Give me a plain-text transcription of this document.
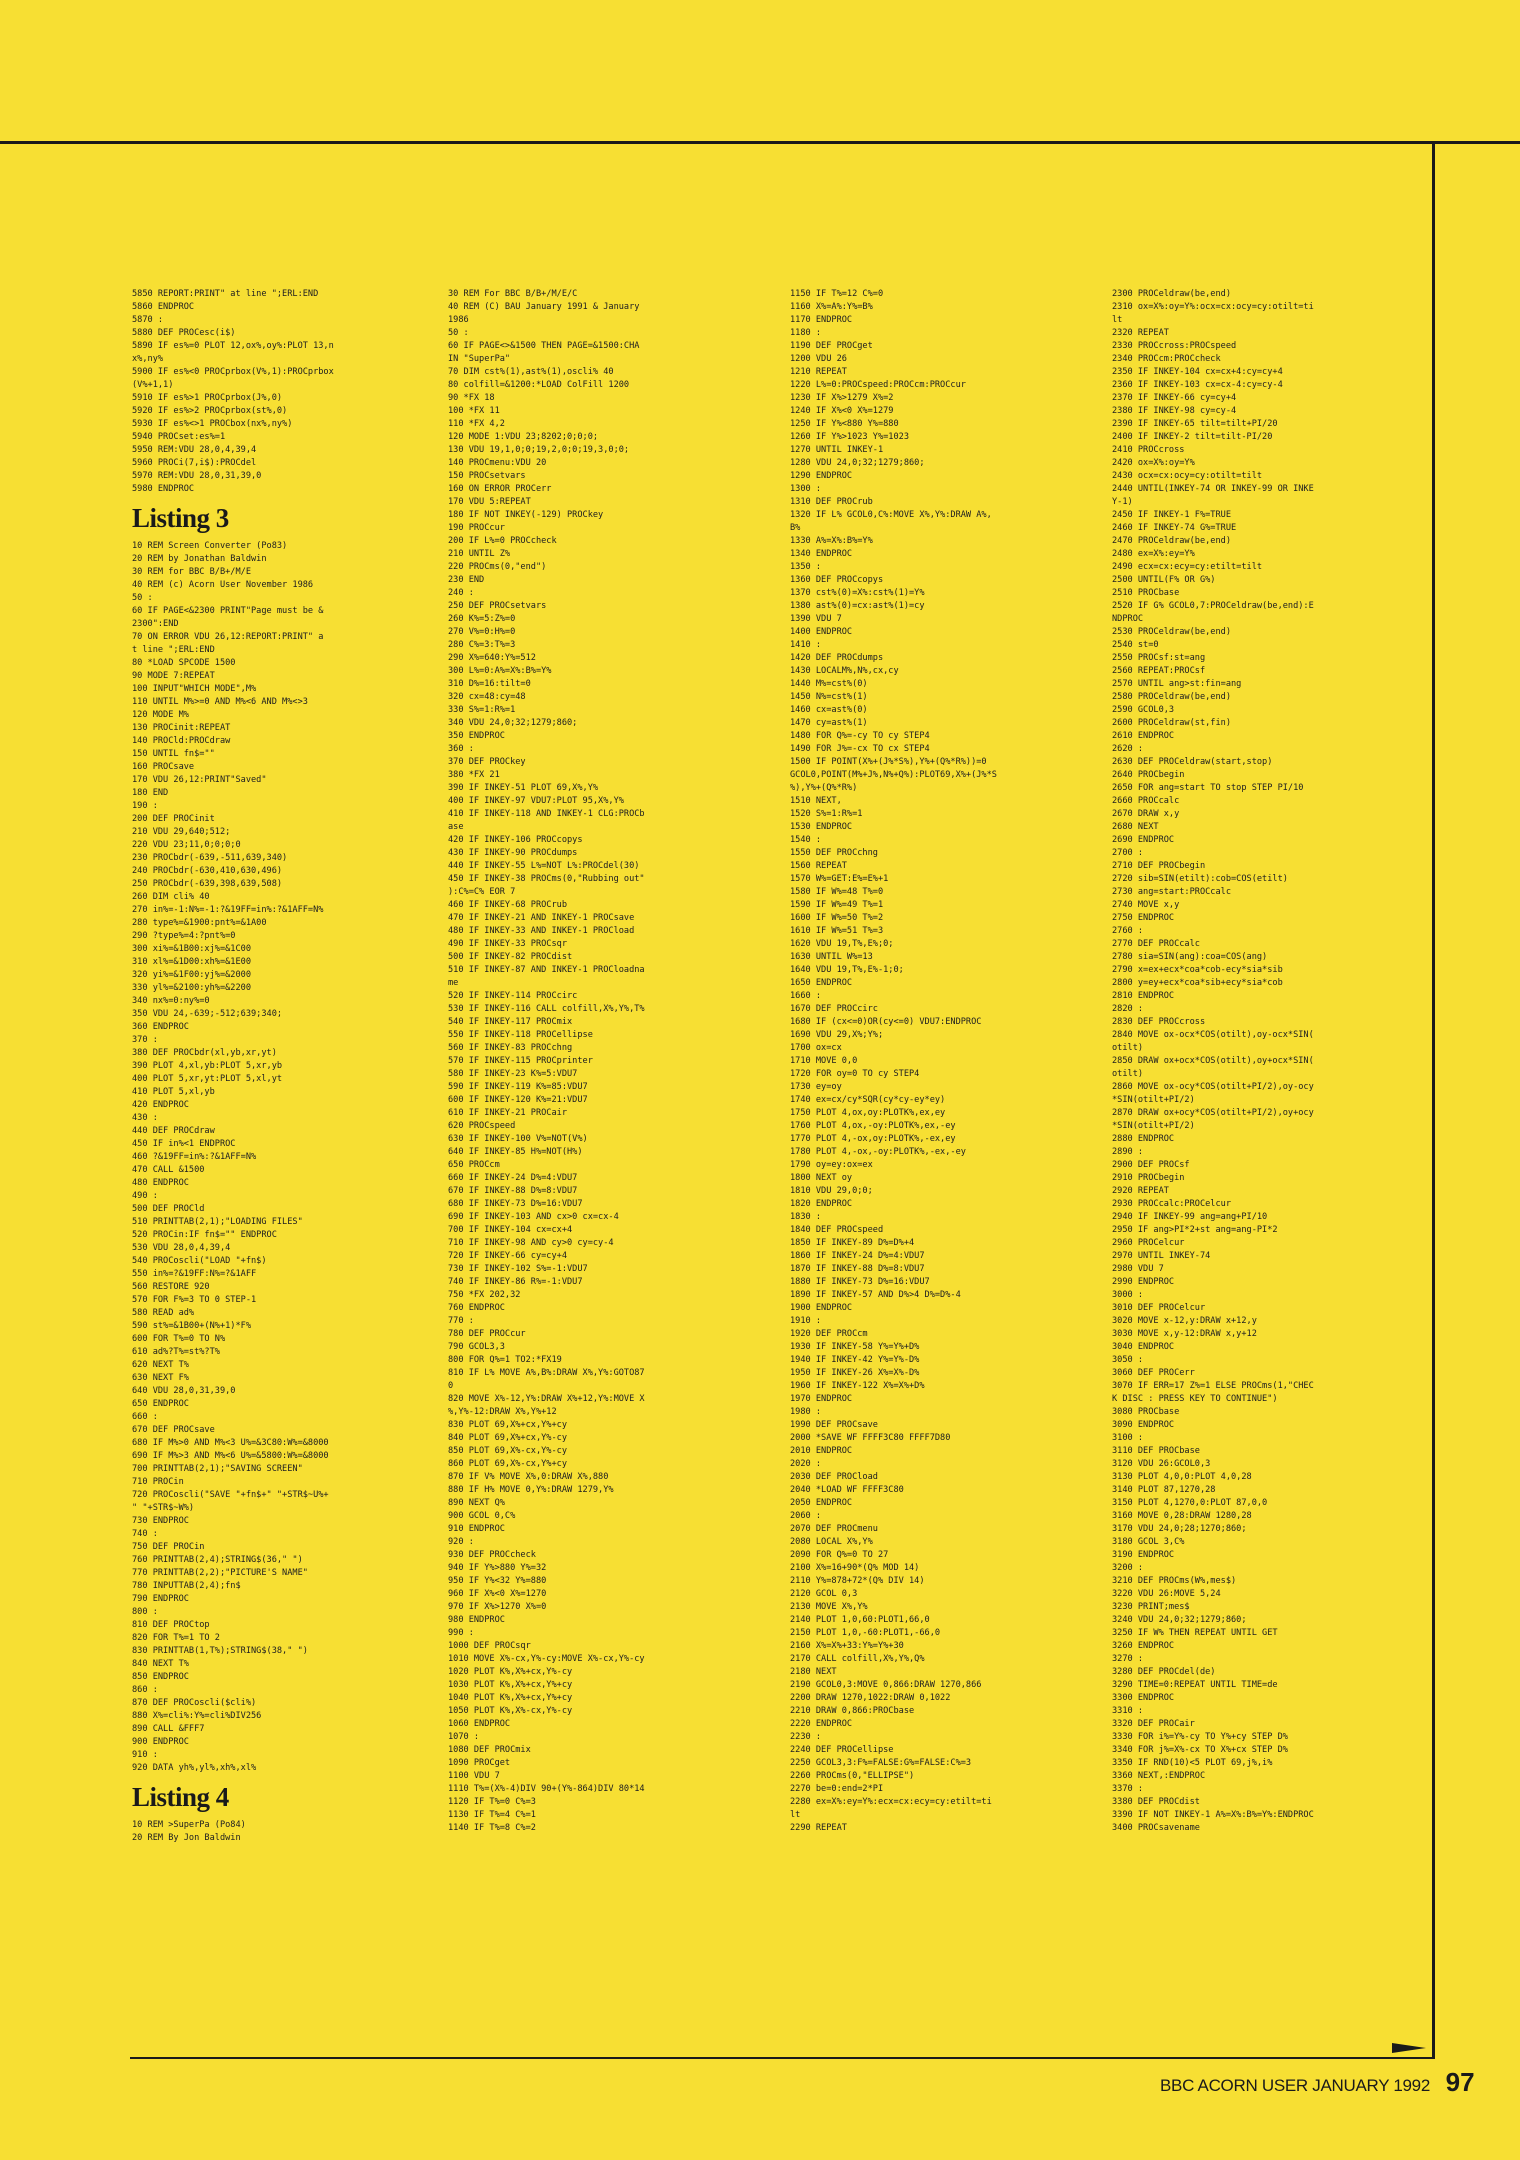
5850 REPORT:PRINT" at line ";ERL:END
5860 ENDPROC
5870 :
5880 DEF PROCesc(i$)
5890 IF es%=0 PLOT 12,ox%,oy%:PLOT 13,n
x%,ny%
5900 IF es%<0 PROCprbox(V%,1):PROCprbox
(V%+1,1)
5910 IF es%>1 PROCprbox(J%,0)
5920 IF es%>2 PROCprbox(st%,0)
5930 IF es%<>1 PROCbox(nx%,ny%)
5940 PROCset:es%=1
5950 REM:VDU 28,0,4,39,4
5960 PROCi(7,i$):PROCdel
5970 REM:VDU 28,0,31,39,0
5980 ENDPROC
Listing 3
10 REM Screen Converter (Po83)
20 REM by Jonathan Baldwin
30 REM for BBC B/B+/M/E
40 REM (c) Acorn User November 1986
50 :
60 IF PAGE<&2300 PRINT"Page must be &
2300":END
70 ON ERROR VDU 26,12:REPORT:PRINT" a
t line ";ERL:END
80 *LOAD SPCODE 1500
90 MODE 7:REPEAT
100 INPUT"WHICH MODE",M%
110 UNTIL M%>=0 AND M%<6 AND M%<>3
120 MODE M%
130 PROCinit:REPEAT
140 PROCld:PROCdraw
150 UNTIL fn$=""
160 PROCsave
170 VDU 26,12:PRINT"Saved"
180 END
190 :
200 DEF PROCinit
210 VDU 29,640;512;
220 VDU 23;11,0;0;0;0
230 PROCbdr(-639,-511,639,340)
240 PROCbdr(-630,410,630,496)
250 PROCbdr(-639,398,639,508)
260 DIM cli% 40
270 in%=-1:N%=-1:?&19FF=in%:?&1AFF=N%
280 type%=&1900:pnt%=&1A00
290 ?type%=4:?pnt%=0
300 xi%=&1B00:xj%=&1C00
310 xl%=&1D00:xh%=&1E00
320 yi%=&1F00:yj%=&2000
330 yl%=&2100:yh%=&2200
340 nx%=0:ny%=0
350 VDU 24,-639;-512;639;340;
360 ENDPROC
370 :
380 DEF PROCbdr(xl,yb,xr,yt)
390 PLOT 4,xl,yb:PLOT 5,xr,yb
400 PLOT 5,xr,yt:PLOT 5,xl,yt
410 PLOT 5,xl,yb
420 ENDPROC
430 :
440 DEF PROCdraw
450 IF in%<1 ENDPROC
460 ?&19FF=in%:?&1AFF=N%
470 CALL &1500
480 ENDPROC
490 :
500 DEF PROCld
510 PRINTTAB(2,1);"LOADING FILES"
520 PROCin:IF fn$="" ENDPROC
530 VDU 28,0,4,39,4
540 PROCoscli("LOAD "+fn$)
550 in%=?&19FF:N%=?&1AFF
560 RESTORE 920
570 FOR F%=3 TO 0 STEP-1
580 READ ad%
590 st%=&1B00+(N%+1)*F%
600 FOR T%=0 TO N%
610 ad%?T%=st%?T%
620 NEXT T%
630 NEXT F%
640 VDU 28,0,31,39,0
650 ENDPROC
660 :
670 DEF PROCsave
680 IF M%>0 AND M%<3 U%=&3C80:W%=&8000
690 IF M%>3 AND M%<6 U%=&5800:W%=&8000
700 PRINTTAB(2,1);"SAVING SCREEN"
710 PROCin
720 PROCoscli("SAVE "+fn$+" "+STR$~U%+
" "+STR$~W%)
730 ENDPROC
740 :
750 DEF PROCin
760 PRINTTAB(2,4);STRING$(36," ")
770 PRINTTAB(2,2);"PICTURE'S NAME"
780 INPUTTAB(2,4);fn$
790 ENDPROC
800 :
810 DEF PROCtop
820 FOR T%=1 TO 2
830 PRINTTAB(1,T%);STRING$(38," ")
840 NEXT T%
850 ENDPROC
860 :
870 DEF PROCoscli($cli%)
880 X%=cli%:Y%=cli%DIV256
890 CALL &FFF7
900 ENDPROC
910 :
920 DATA yh%,yl%,xh%,xl%
Listing 4
10 REM >SuperPa (Po84)
20 REM By Jon Baldwin
30 REM For BBC B/B+/M/E/C
40 REM (C) BAU January 1991 & January
1986
50 :
60 IF PAGE<>&1500 THEN PAGE=&1500:CHA
IN "SuperPa"
70 DIM cst%(1),ast%(1),oscli% 40
80 colfill=&1200:*LOAD ColFill 1200
90 *FX 18
100 *FX 11
110 *FX 4,2
120 MODE 1:VDU 23;8202;0;0;0;
130 VDU 19,1,0;0;19,2,0;0;19,3,0;0;
140 PROCmenu:VDU 20
150 PROCsetvars
160 ON ERROR PROCerr
170 VDU 5:REPEAT
180 IF NOT INKEY(-129) PROCkey
190 PROCcur
200 IF L%=0 PROCcheck
210 UNTIL Z%
220 PROCms(0,"end")
230 END
240 :
250 DEF PROCsetvars
260 K%=5:Z%=0
270 V%=0:H%=0
280 C%=3:T%=3
290 X%=640:Y%=512
300 L%=0:A%=X%:B%=Y%
310 D%=16:tilt=0
320 cx=48:cy=48
330 S%=1:R%=1
340 VDU 24,0;32;1279;860;
350 ENDPROC
360 :
370 DEF PROCkey
380 *FX 21
390 IF INKEY-51 PLOT 69,X%,Y%
400 IF INKEY-97 VDU7:PLOT 95,X%,Y%
410 IF INKEY-118 AND INKEY-1 CLG:PROCb
ase
420 IF INKEY-106 PROCcopys
430 IF INKEY-90 PROCdumps
440 IF INKEY-55 L%=NOT L%:PROCdel(30)
450 IF INKEY-38 PROCms(0,"Rubbing out"
):C%=C% EOR 7
460 IF INKEY-68 PROCrub
470 IF INKEY-21 AND INKEY-1 PROCsave
480 IF INKEY-33 AND INKEY-1 PROCload
490 IF INKEY-33 PROCsqr
500 IF INKEY-82 PROCdist
510 IF INKEY-87 AND INKEY-1 PROCloadna
me
520 IF INKEY-114 PROCcirc
530 IF INKEY-116 CALL colfill,X%,Y%,T%
540 IF INKEY-117 PROCmix
550 IF INKEY-118 PROCellipse
560 IF INKEY-83 PROCchng
570 IF INKEY-115 PROCprinter
580 IF INKEY-23 K%=5:VDU7
590 IF INKEY-119 K%=85:VDU7
600 IF INKEY-120 K%=21:VDU7
610 IF INKEY-21 PROCair
620 PROCspeed
630 IF INKEY-100 V%=NOT(V%)
640 IF INKEY-85 H%=NOT(H%)
650 PROCcm
660 IF INKEY-24 D%=4:VDU7
670 IF INKEY-88 D%=8:VDU7
680 IF INKEY-73 D%=16:VDU7
690 IF INKEY-103 AND cx>0 cx=cx-4
700 IF INKEY-104 cx=cx+4
710 IF INKEY-98 AND cy>0 cy=cy-4
720 IF INKEY-66 cy=cy+4
730 IF INKEY-102 S%=-1:VDU7
740 IF INKEY-86 R%=-1:VDU7
750 *FX 202,32
760 ENDPROC
770 :
780 DEF PROCcur
790 GCOL3,3
800 FOR Q%=1 TO2:*FX19
810 IF L% MOVE A%,B%:DRAW X%,Y%:GOTO87
0
820 MOVE X%-12,Y%:DRAW X%+12,Y%:MOVE X
%,Y%-12:DRAW X%,Y%+12
830 PLOT 69,X%+cx,Y%+cy
840 PLOT 69,X%+cx,Y%-cy
850 PLOT 69,X%-cx,Y%-cy
860 PLOT 69,X%-cx,Y%+cy
870 IF V% MOVE X%,0:DRAW X%,880
880 IF H% MOVE 0,Y%:DRAW 1279,Y%
890 NEXT Q%
900 GCOL 0,C%
910 ENDPROC
920 :
930 DEF PROCcheck
940 IF Y%>880 Y%=32
950 IF Y%<32 Y%=880
960 IF X%<0 X%=1270
970 IF X%>1270 X%=0
980 ENDPROC
990 :
1000 DEF PROCsqr
1010 MOVE X%-cx,Y%-cy:MOVE X%-cx,Y%-cy
1020 PLOT K%,X%+cx,Y%-cy
1030 PLOT K%,X%+cx,Y%+cy
1040 PLOT K%,X%+cx,Y%+cy
1050 PLOT K%,X%-cx,Y%-cy
1060 ENDPROC
1070 :
1080 DEF PROCmix
1090 PROCget
1100 VDU 7
1110 T%=(X%-4)DIV 90+(Y%-864)DIV 80*14
1120 IF T%=0 C%=3
1130 IF T%=4 C%=1
1140 IF T%=8 C%=2
1150 IF T%=12 C%=0
1160 X%=A%:Y%=B%
1170 ENDPROC
1180 :
1190 DEF PROCget
1200 VDU 26
1210 REPEAT
1220 L%=0:PROCspeed:PROCcm:PROCcur
1230 IF X%>1279 X%=2
1240 IF X%<0 X%=1279
1250 IF Y%<880 Y%=880
1260 IF Y%>1023 Y%=1023
1270 UNTIL INKEY-1
1280 VDU 24,0;32;1279;860;
1290 ENDPROC
1300 :
1310 DEF PROCrub
1320 IF L% GCOL0,C%:MOVE X%,Y%:DRAW A%,
B%
1330 A%=X%:B%=Y%
1340 ENDPROC
1350 :
1360 DEF PROCcopys
1370 cst%(0)=X%:cst%(1)=Y%
1380 ast%(0)=cx:ast%(1)=cy
1390 VDU 7
1400 ENDPROC
1410 :
1420 DEF PROCdumps
1430 LOCALM%,N%,cx,cy
1440 M%=cst%(0)
1450 N%=cst%(1)
1460 cx=ast%(0)
1470 cy=ast%(1)
1480 FOR Q%=-cy TO cy STEP4
1490 FOR J%=-cx TO cx STEP4
1500 IF POINT(X%+(J%*S%),Y%+(Q%*R%))=0
GCOL0,POINT(M%+J%,N%+Q%):PLOT69,X%+(J%*S
%),Y%+(Q%*R%)
1510 NEXT,
1520 S%=1:R%=1
1530 ENDPROC
1540 :
1550 DEF PROCchng
1560 REPEAT
1570 W%=GET:E%=E%+1
1580 IF W%=48 T%=0
1590 IF W%=49 T%=1
1600 IF W%=50 T%=2
1610 IF W%=51 T%=3
1620 VDU 19,T%,E%;0;
1630 UNTIL W%=13
1640 VDU 19,T%,E%-1;0;
1650 ENDPROC
1660 :
1670 DEF PROCcirc
1680 IF (cx<=0)OR(cy<=0) VDU7:ENDPROC
1690 VDU 29,X%;Y%;
1700 ox=cx
1710 MOVE 0,0
1720 FOR oy=0 TO cy STEP4
1730 ey=oy
1740 ex=cx/cy*SQR(cy*cy-ey*ey)
1750 PLOT 4,ox,oy:PLOTK%,ex,ey
1760 PLOT 4,ox,-oy:PLOTK%,ex,-ey
1770 PLOT 4,-ox,oy:PLOTK%,-ex,ey
1780 PLOT 4,-ox,-oy:PLOTK%,-ex,-ey
1790 oy=ey:ox=ex
1800 NEXT oy
1810 VDU 29,0;0;
1820 ENDPROC
1830 :
1840 DEF PROCspeed
1850 IF INKEY-89 D%=D%+4
1860 IF INKEY-24 D%=4:VDU7
1870 IF INKEY-88 D%=8:VDU7
1880 IF INKEY-73 D%=16:VDU7
1890 IF INKEY-57 AND D%>4 D%=D%-4
1900 ENDPROC
1910 :
1920 DEF PROCcm
1930 IF INKEY-58 Y%=Y%+D%
1940 IF INKEY-42 Y%=Y%-D%
1950 IF INKEY-26 X%=X%-D%
1960 IF INKEY-122 X%=X%+D%
1970 ENDPROC
1980 :
1990 DEF PROCsave
2000 *SAVE WF FFFF3C80 FFFF7D80
2010 ENDPROC
2020 :
2030 DEF PROCload
2040 *LOAD WF FFFF3C80
2050 ENDPROC
2060 :
2070 DEF PROCmenu
2080 LOCAL X%,Y%
2090 FOR Q%=0 TO 27
2100 X%=16+90*(Q% MOD 14)
2110 Y%=878+72*(Q% DIV 14)
2120 GCOL 0,3
2130 MOVE X%,Y%
2140 PLOT 1,0,60:PLOT1,66,0
2150 PLOT 1,0,-60:PLOT1,-66,0
2160 X%=X%+33:Y%=Y%+30
2170 CALL colfill,X%,Y%,Q%
2180 NEXT
2190 GCOL0,3:MOVE 0,866:DRAW 1270,866
2200 DRAW 1270,1022:DRAW 0,1022
2210 DRAW 0,866:PROCbase
2220 ENDPROC
2230 :
2240 DEF PROCellipse
2250 GCOL3,3:F%=FALSE:G%=FALSE:C%=3
2260 PROCms(0,"ELLIPSE")
2270 be=0:end=2*PI
2280 ex=X%:ey=Y%:ecx=cx:ecy=cy:etilt=ti
lt
2290 REPEAT
2300 PROCeldraw(be,end)
2310 ox=X%:oy=Y%:ocx=cx:ocy=cy:otilt=ti
lt
2320 REPEAT
2330 PROCcross:PROCspeed
2340 PROCcm:PROCcheck
2350 IF INKEY-104 cx=cx+4:cy=cy+4
2360 IF INKEY-103 cx=cx-4:cy=cy-4
2370 IF INKEY-66 cy=cy+4
2380 IF INKEY-98 cy=cy-4
2390 IF INKEY-65 tilt=tilt+PI/20
2400 IF INKEY-2 tilt=tilt-PI/20
2410 PROCcross
2420 ox=X%:oy=Y%
2430 ocx=cx:ocy=cy:otilt=tilt
2440 UNTIL(INKEY-74 OR INKEY-99 OR INKE
Y-1)
2450 IF INKEY-1 F%=TRUE
2460 IF INKEY-74 G%=TRUE
2470 PROCeldraw(be,end)
2480 ex=X%:ey=Y%
2490 ecx=cx:ecy=cy:etilt=tilt
2500 UNTIL(F% OR G%)
2510 PROCbase
2520 IF G% GCOL0,7:PROCeldraw(be,end):E
NDPROC
2530 PROCeldraw(be,end)
2540 st=0
2550 PROCsf:st=ang
2560 REPEAT:PROCsf
2570 UNTIL ang>st:fin=ang
2580 PROCeldraw(be,end)
2590 GCOL0,3
2600 PROCeldraw(st,fin)
2610 ENDPROC
2620 :
2630 DEF PROCeldraw(start,stop)
2640 PROCbegin
2650 FOR ang=start TO stop STEP PI/10
2660 PROCcalc
2670 DRAW x,y
2680 NEXT
2690 ENDPROC
2700 :
2710 DEF PROCbegin
2720 sib=SIN(etilt):cob=COS(etilt)
2730 ang=start:PROCcalc
2740 MOVE x,y
2750 ENDPROC
2760 :
2770 DEF PROCcalc
2780 sia=SIN(ang):coa=COS(ang)
2790 x=ex+ecx*coa*cob-ecy*sia*sib
2800 y=ey+ecx*coa*sib+ecy*sia*cob
2810 ENDPROC
2820 :
2830 DEF PROCcross
2840 MOVE ox-ocx*COS(otilt),oy-ocx*SIN(
otilt)
2850 DRAW ox+ocx*COS(otilt),oy+ocx*SIN(
otilt)
2860 MOVE ox-ocy*COS(otilt+PI/2),oy-ocy
*SIN(otilt+PI/2)
2870 DRAW ox+ocy*COS(otilt+PI/2),oy+ocy
*SIN(otilt+PI/2)
2880 ENDPROC
2890 :
2900 DEF PROCsf
2910 PROCbegin
2920 REPEAT
2930 PROCcalc:PROCelcur
2940 IF INKEY-99 ang=ang+PI/10
2950 IF ang>PI*2+st ang=ang-PI*2
2960 PROCelcur
2970 UNTIL INKEY-74
2980 VDU 7
2990 ENDPROC
3000 :
3010 DEF PROCelcur
3020 MOVE x-12,y:DRAW x+12,y
3030 MOVE x,y-12:DRAW x,y+12
3040 ENDPROC
3050 :
3060 DEF PROCerr
3070 IF ERR=17 Z%=1 ELSE PROCms(1,"CHEC
K DISC : PRESS KEY TO CONTINUE")
3080 PROCbase
3090 ENDPROC
3100 :
3110 DEF PROCbase
3120 VDU 26:GCOL0,3
3130 PLOT 4,0,0:PLOT 4,0,28
3140 PLOT 87,1270,28
3150 PLOT 4,1270,0:PLOT 87,0,0
3160 MOVE 0,28:DRAW 1280,28
3170 VDU 24,0;28;1270;860;
3180 GCOL 3,C%
3190 ENDPROC
3200 :
3210 DEF PROCms(W%,mes$)
3220 VDU 26:MOVE 5,24
3230 PRINT;mes$
3240 VDU 24,0;32;1279;860;
3250 IF W% THEN REPEAT UNTIL GET
3260 ENDPROC
3270 :
3280 DEF PROCdel(de)
3290 TIME=0:REPEAT UNTIL TIME=de
3300 ENDPROC
3310 :
3320 DEF PROCair
3330 FOR i%=Y%-cy TO Y%+cy STEP D%
3340 FOR j%=X%-cx TO X%+cx STEP D%
3350 IF RND(10)<5 PLOT 69,j%,i%
3360 NEXT,:ENDPROC
3370 :
3380 DEF PROCdist
3390 IF NOT INKEY-1 A%=X%:B%=Y%:ENDPROC
3400 PROCsavename
BBC ACORN USER JANUARY 1992 97
